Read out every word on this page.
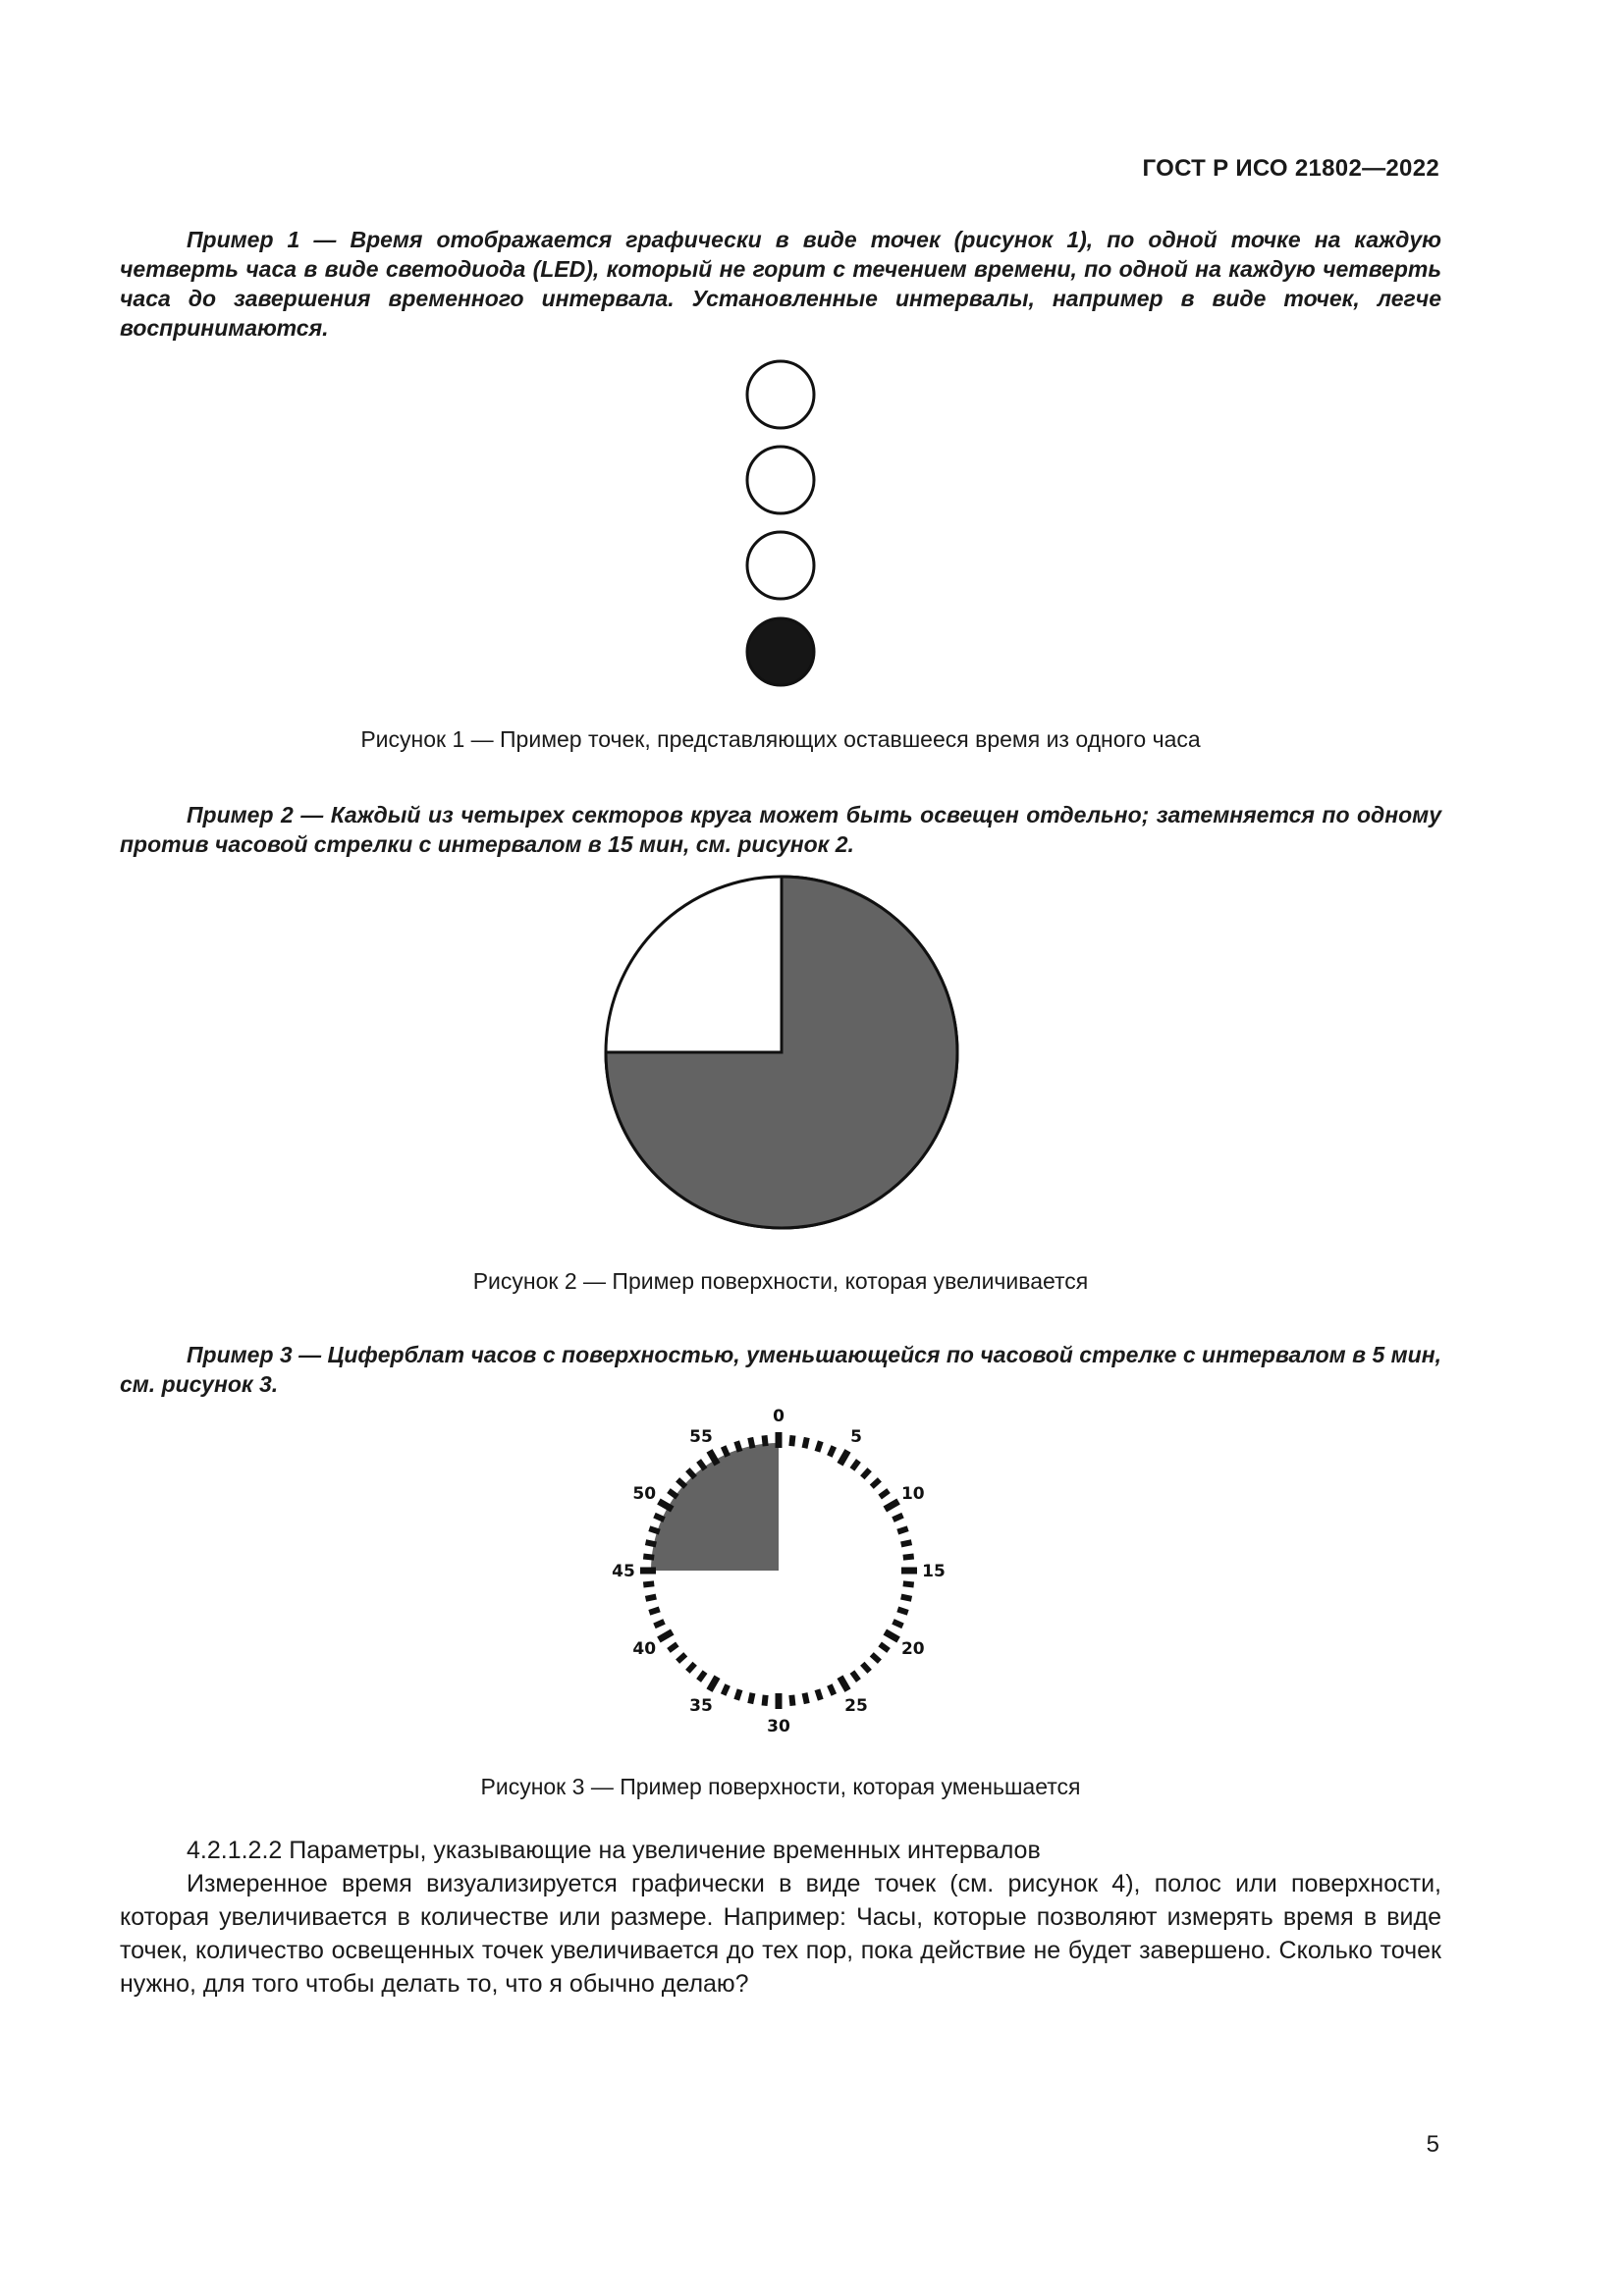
ГОСТ Р ИСО 21802—2022

Пример 1 — Время отображается графически в виде точек (рисунок 1), по одной точке на каждую четверть часа в виде светодиода (LED), который не горит с течением времени, по одной на каждую четверть часа до завершения временного интервала. Установленные интервалы, например в виде точек, легче воспринимаются.

Рисунок 1 — Пример точек, представляющих оставшееся время из одного часа

Пример 2 — Каждый из четырех секторов круга может быть освещен отдельно; затемняется по одному против часовой стрелки с интервалом в 15 мин, см. рисунок 2.

Рисунок 2 — Пример поверхности, которая увеличивается

Пример 3 — Циферблат часов с поверхностью, уменьшающейся по часовой стрелке с интервалом в 5 мин, см. рисунок 3.

0
55
50
45
40
35
30
25
20
15
10
5
Рисунок 3 — Пример поверхности, которая уменьшается

4.2.1.2.2 Параметры, указывающие на увеличение временных интервалов

Измеренное время визуализируется графически в виде точек (см. рисунок 4), полос или поверхности, которая увеличивается в количестве или размере. Например: Часы, которые позволяют измерять время в виде точек, количество освещенных точек увеличивается до тех пор, пока действие не будет завершено. Сколько точек нужно, для того чтобы делать то, что я обычно делаю?

5
